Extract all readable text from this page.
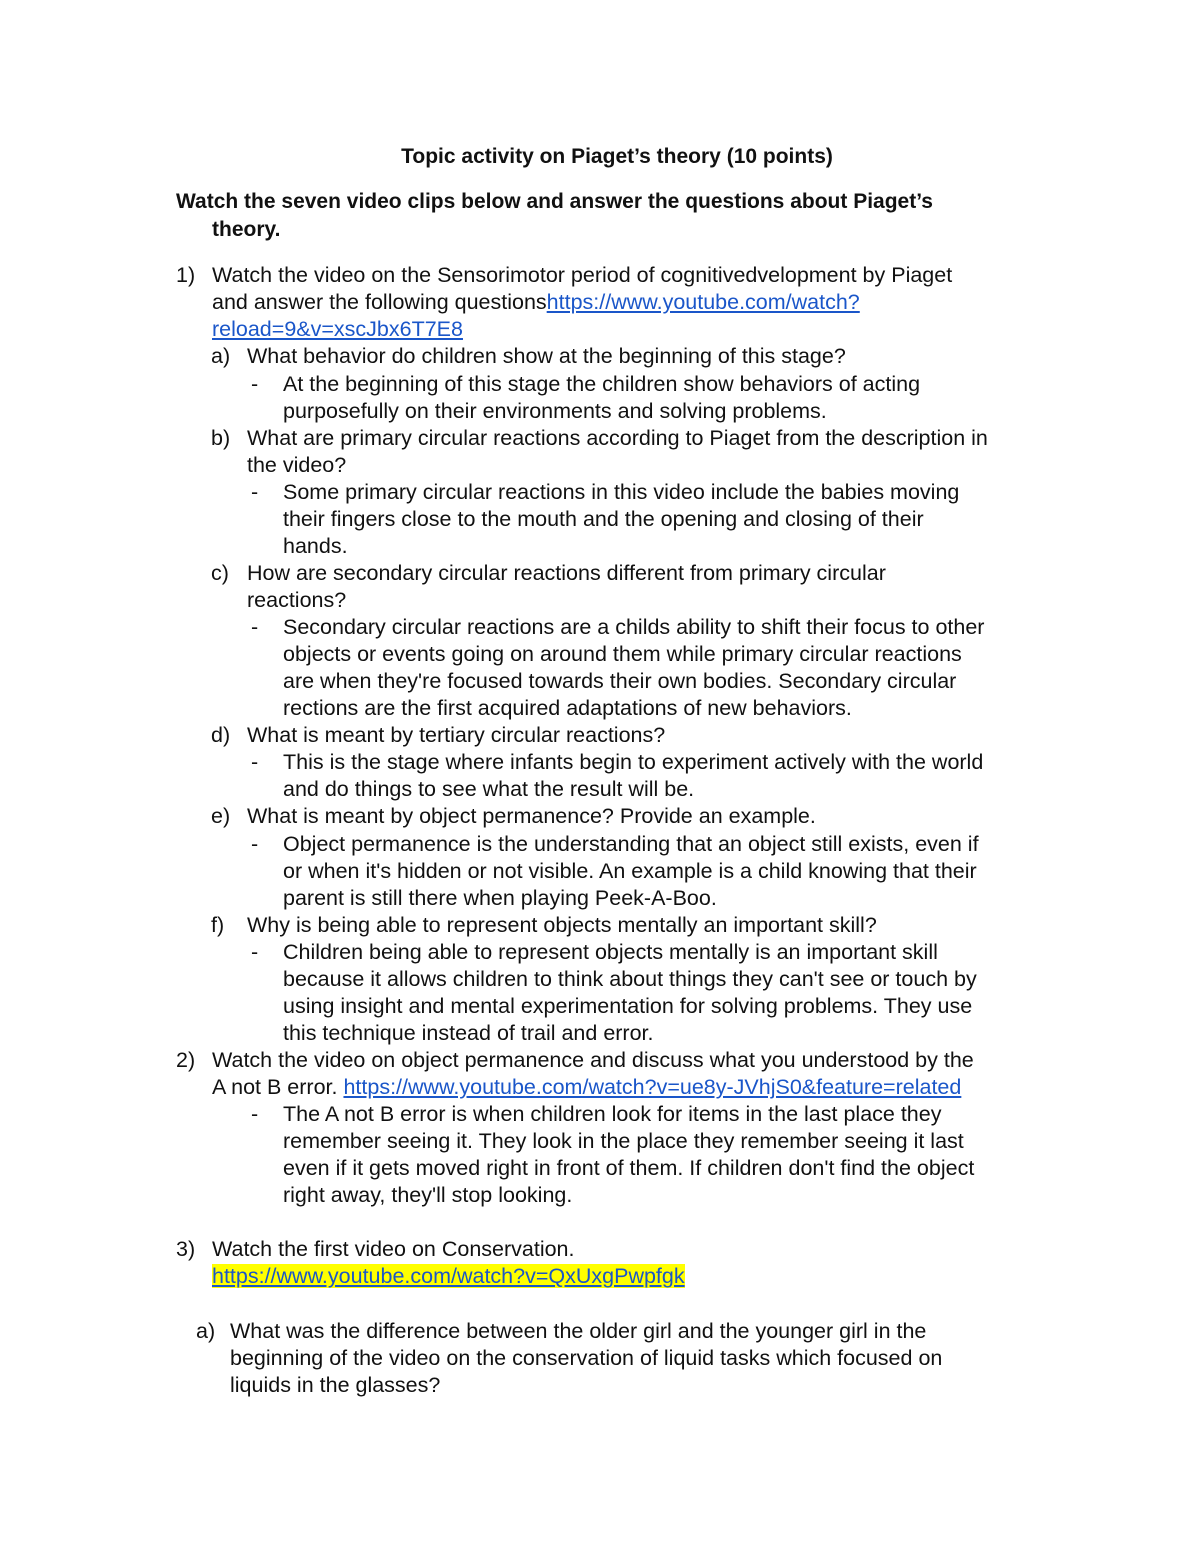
Topic activity on Piaget’s theory (10 points)
Watch the seven video clips below and answer the questions about Piaget’s
theory.
1) Watch the video on the Sensorimotor period of cognitivedvelopment by Piaget
and answer the following questionshttps://www.youtube.com/watch?
reload=9&v=xscJbx6T7E8
a) What behavior do children show at the beginning of this stage?
- At the beginning of this stage the children show behaviors of acting
purposefully on their environments and solving problems.
b) What are primary circular reactions according to Piaget from the description in
the video?
- Some primary circular reactions in this video include the babies moving
their fingers close to the mouth and the opening and closing of their
hands.
c) How are secondary circular reactions different from primary circular
reactions?
- Secondary circular reactions are a childs ability to shift their focus to other
objects or events going on around them while primary circular reactions
are when they're focused towards their own bodies. Secondary circular
rections are the first acquired adaptations of new behaviors.
d) What is meant by tertiary circular reactions?
- This is the stage where infants begin to experiment actively with the world
and do things to see what the result will be.
e) What is meant by object permanence? Provide an example.
- Object permanence is the understanding that an object still exists, even if
or when it's hidden or not visible. An example is a child knowing that their
parent is still there when playing Peek-A-Boo.
f) Why is being able to represent objects mentally an important skill?
- Children being able to represent objects mentally is an important skill
because it allows children to think about things they can't see or touch by
using insight and mental experimentation for solving problems. They use
this technique instead of trail and error.
2) Watch the video on object permanence and discuss what you understood by the
A not B error. https://www.youtube.com/watch?v=ue8y-JVhjS0&feature=related
- The A not B error is when children look for items in the last place they
remember seeing it. They look in the place they remember seeing it last
even if it gets moved right in front of them. If children don't find the object
right away, they'll stop looking.
3) Watch the first video on Conservation.
https://www.youtube.com/watch?v=QxUxgPwpfgk
a) What was the difference between the older girl and the younger girl in the
beginning of the video on the conservation of liquid tasks which focused on
liquids in the glasses?
